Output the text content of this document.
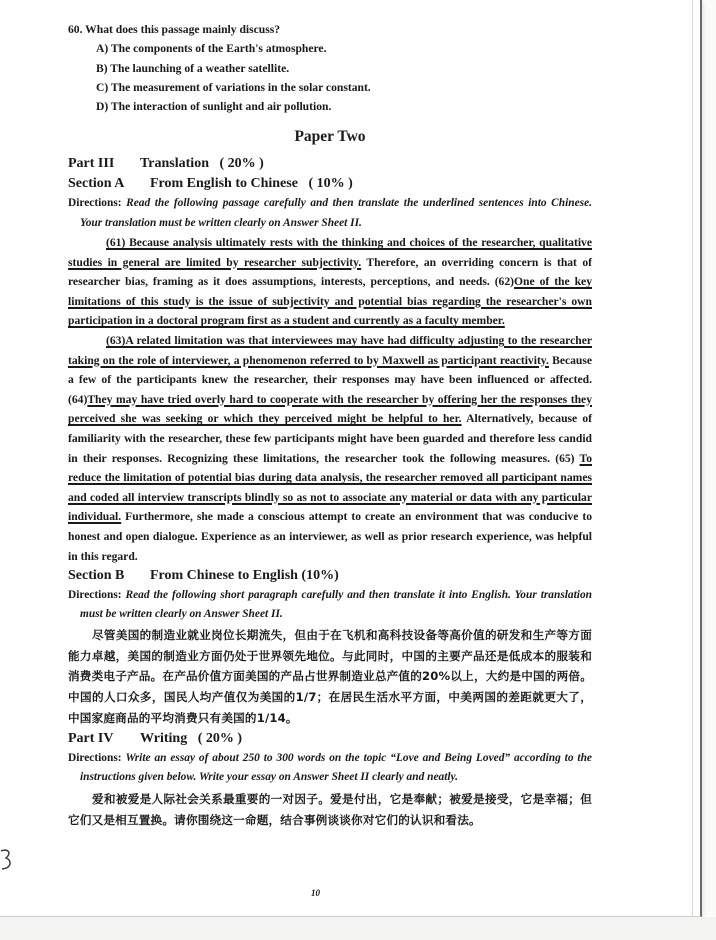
60. What does this passage mainly discuss?

A) The components of the Earth's atmosphere.

B) The launching of a weather satellite.

C) The measurement of variations in the solar constant.

D) The interaction of sunlight and air pollution.

Paper Two

Part III Translation ( 20% )

Section A From English to Chinese ( 10% )

Directions: Read the following passage carefully and then translate the underlined sentences into Chinese. Your translation must be written clearly on Answer Sheet II.

(61) Because analysis ultimately rests with the thinking and choices of the researcher, qualitative studies in general are limited by researcher subjectivity. Therefore, an overriding concern is that of researcher bias, framing as it does assumptions, interests, perceptions, and needs. (62)One of the key limitations of this study is the issue of subjectivity and potential bias regarding the researcher's own participation in a doctoral program first as a student and currently as a faculty member.

(63)A related limitation was that interviewees may have had difficulty adjusting to the researcher taking on the role of interviewer, a phenomenon referred to by Maxwell as participant reactivity. Because a few of the participants knew the researcher, their responses may have been influenced or affected. (64)They may have tried overly hard to cooperate with the researcher by offering her the responses they perceived she was seeking or which they perceived might be helpful to her. Alternatively, because of familiarity with the researcher, these few participants might have been guarded and therefore less candid in their responses. Recognizing these limitations, the researcher took the following measures. (65) To reduce the limitation of potential bias during data analysis, the researcher removed all participant names and coded all interview transcripts blindly so as not to associate any material or data with any particular individual. Furthermore, she made a conscious attempt to create an environment that was conducive to honest and open dialogue. Experience as an interviewer, as well as prior research experience, was helpful in this regard.

Section B From Chinese to English (10%)

Directions: Read the following short paragraph carefully and then translate it into English. Your translation must be written clearly on Answer Sheet II.

尽管美国的制造业就业岗位长期流失，但由于在飞机和高科技设备等高价值的研发和生产等方面能力卓越，美国的制造业方面仍处于世界领先地位。与此同时，中国的主要产品还是低成本的服装和消费类电子产品。在产品价值方面美国的产品占世界制造业总产值的20%以上，大约是中国的两倍。中国的人口众多，国民人均产值仅为美国的1/7；在居民生活水平方面，中美两国的差距就更大了，中国家庭商品的平均消费只有美国的1/14。

Part IV Writing ( 20% )

Directions: Write an essay of about 250 to 300 words on the topic “Love and Being Loved” according to the instructions given below. Write your essay on Answer Sheet II clearly and neatly.

爱和被爱是人际社会关系最重要的一对因子。爱是付出，它是奉献；被爱是接受，它是幸福；但它们又是相互置换。请你围绕这一命题，结合事例谈谈你对它们的认识和看法。

10
